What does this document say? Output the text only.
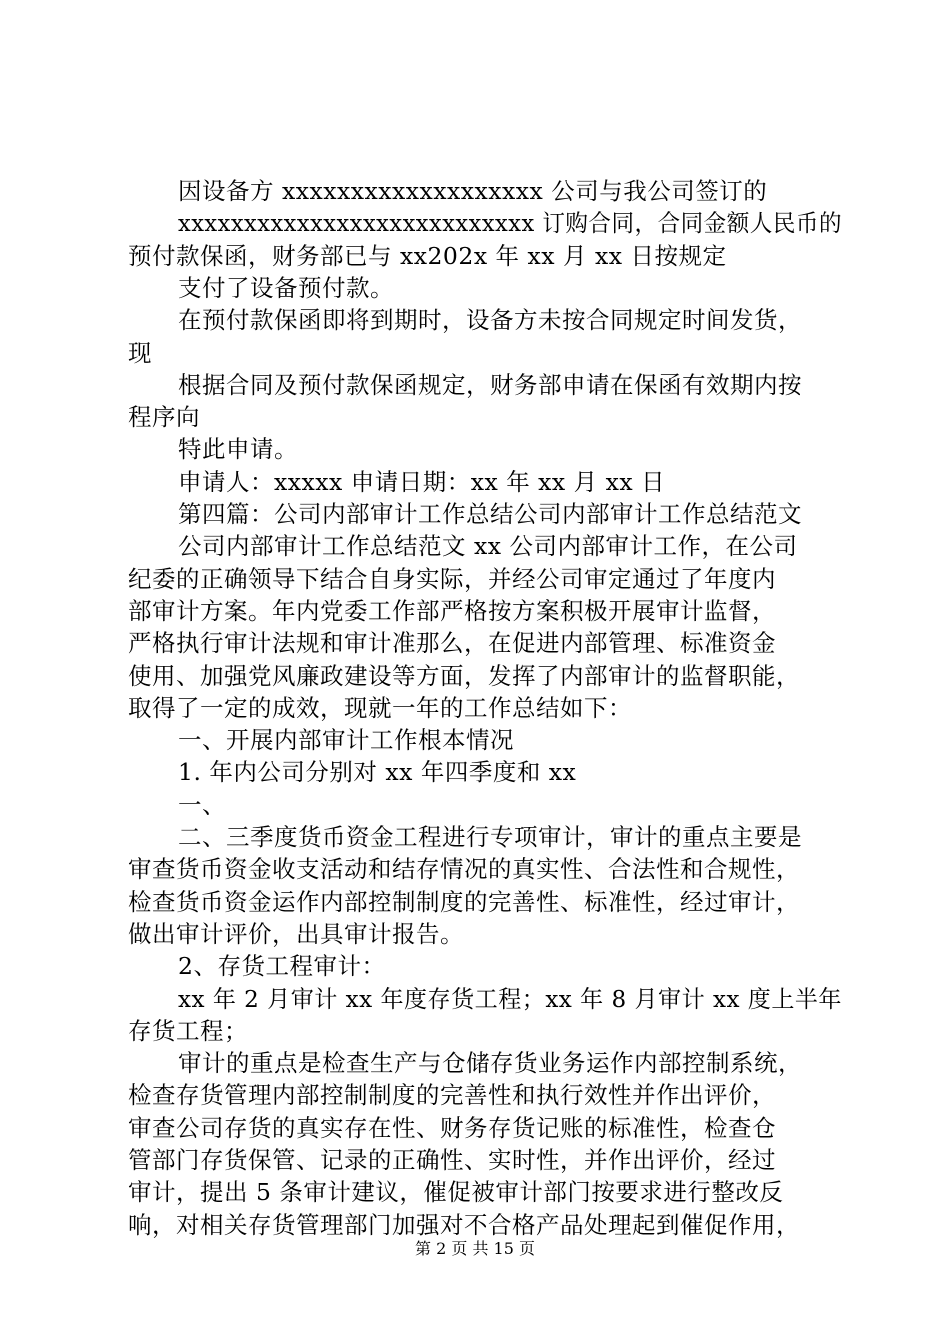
因设备方 xxxxxxxxxxxxxxxxxxx 公司与我公司签订的
xxxxxxxxxxxxxxxxxxxxxxxxxxx 订购合同，合同金额人民币的
预付款保函，财务部已与 xx202x 年 xx 月 xx 日按规定
支付了设备预付款。
在预付款保函即将到期时，设备方未按合同规定时间发货，
现
根据合同及预付款保函规定，财务部申请在保函有效期内按
程序向
特此申请。
申请人：xxxxx 申请日期：xx 年 xx 月 xx 日
第四篇：公司内部审计工作总结公司内部审计工作总结范文
公司内部审计工作总结范文 xx 公司内部审计工作，在公司
纪委的正确领导下结合自身实际，并经公司审定通过了年度内
部审计方案。年内党委工作部严格按方案积极开展审计监督，
严格执行审计法规和审计准那么，在促进内部管理、标准资金
使用、加强党风廉政建设等方面，发挥了内部审计的监督职能，
取得了一定的成效，现就一年的工作总结如下：
一、开展内部审计工作根本情况
1. 年内公司分别对 xx 年四季度和 xx
一、
二、三季度货币资金工程进行专项审计，审计的重点主要是
审查货币资金收支活动和结存情况的真实性、合法性和合规性，
检查货币资金运作内部控制制度的完善性、标准性，经过审计，
做出审计评价，出具审计报告。
2、存货工程审计：
xx 年 2 月审计 xx 年度存货工程；xx 年 8 月审计 xx 度上半年
存货工程；
审计的重点是检查生产与仓储存货业务运作内部控制系统，
检查存货管理内部控制制度的完善性和执行效性并作出评价，
审查公司存货的真实存在性、财务存货记账的标准性，检查仓
管部门存货保管、记录的正确性、实时性，并作出评价，经过
审计，提出 5 条审计建议，催促被审计部门按要求进行整改反
响，对相关存货管理部门加强对不合格产品处理起到催促作用，
第 2 页 共 15 页
